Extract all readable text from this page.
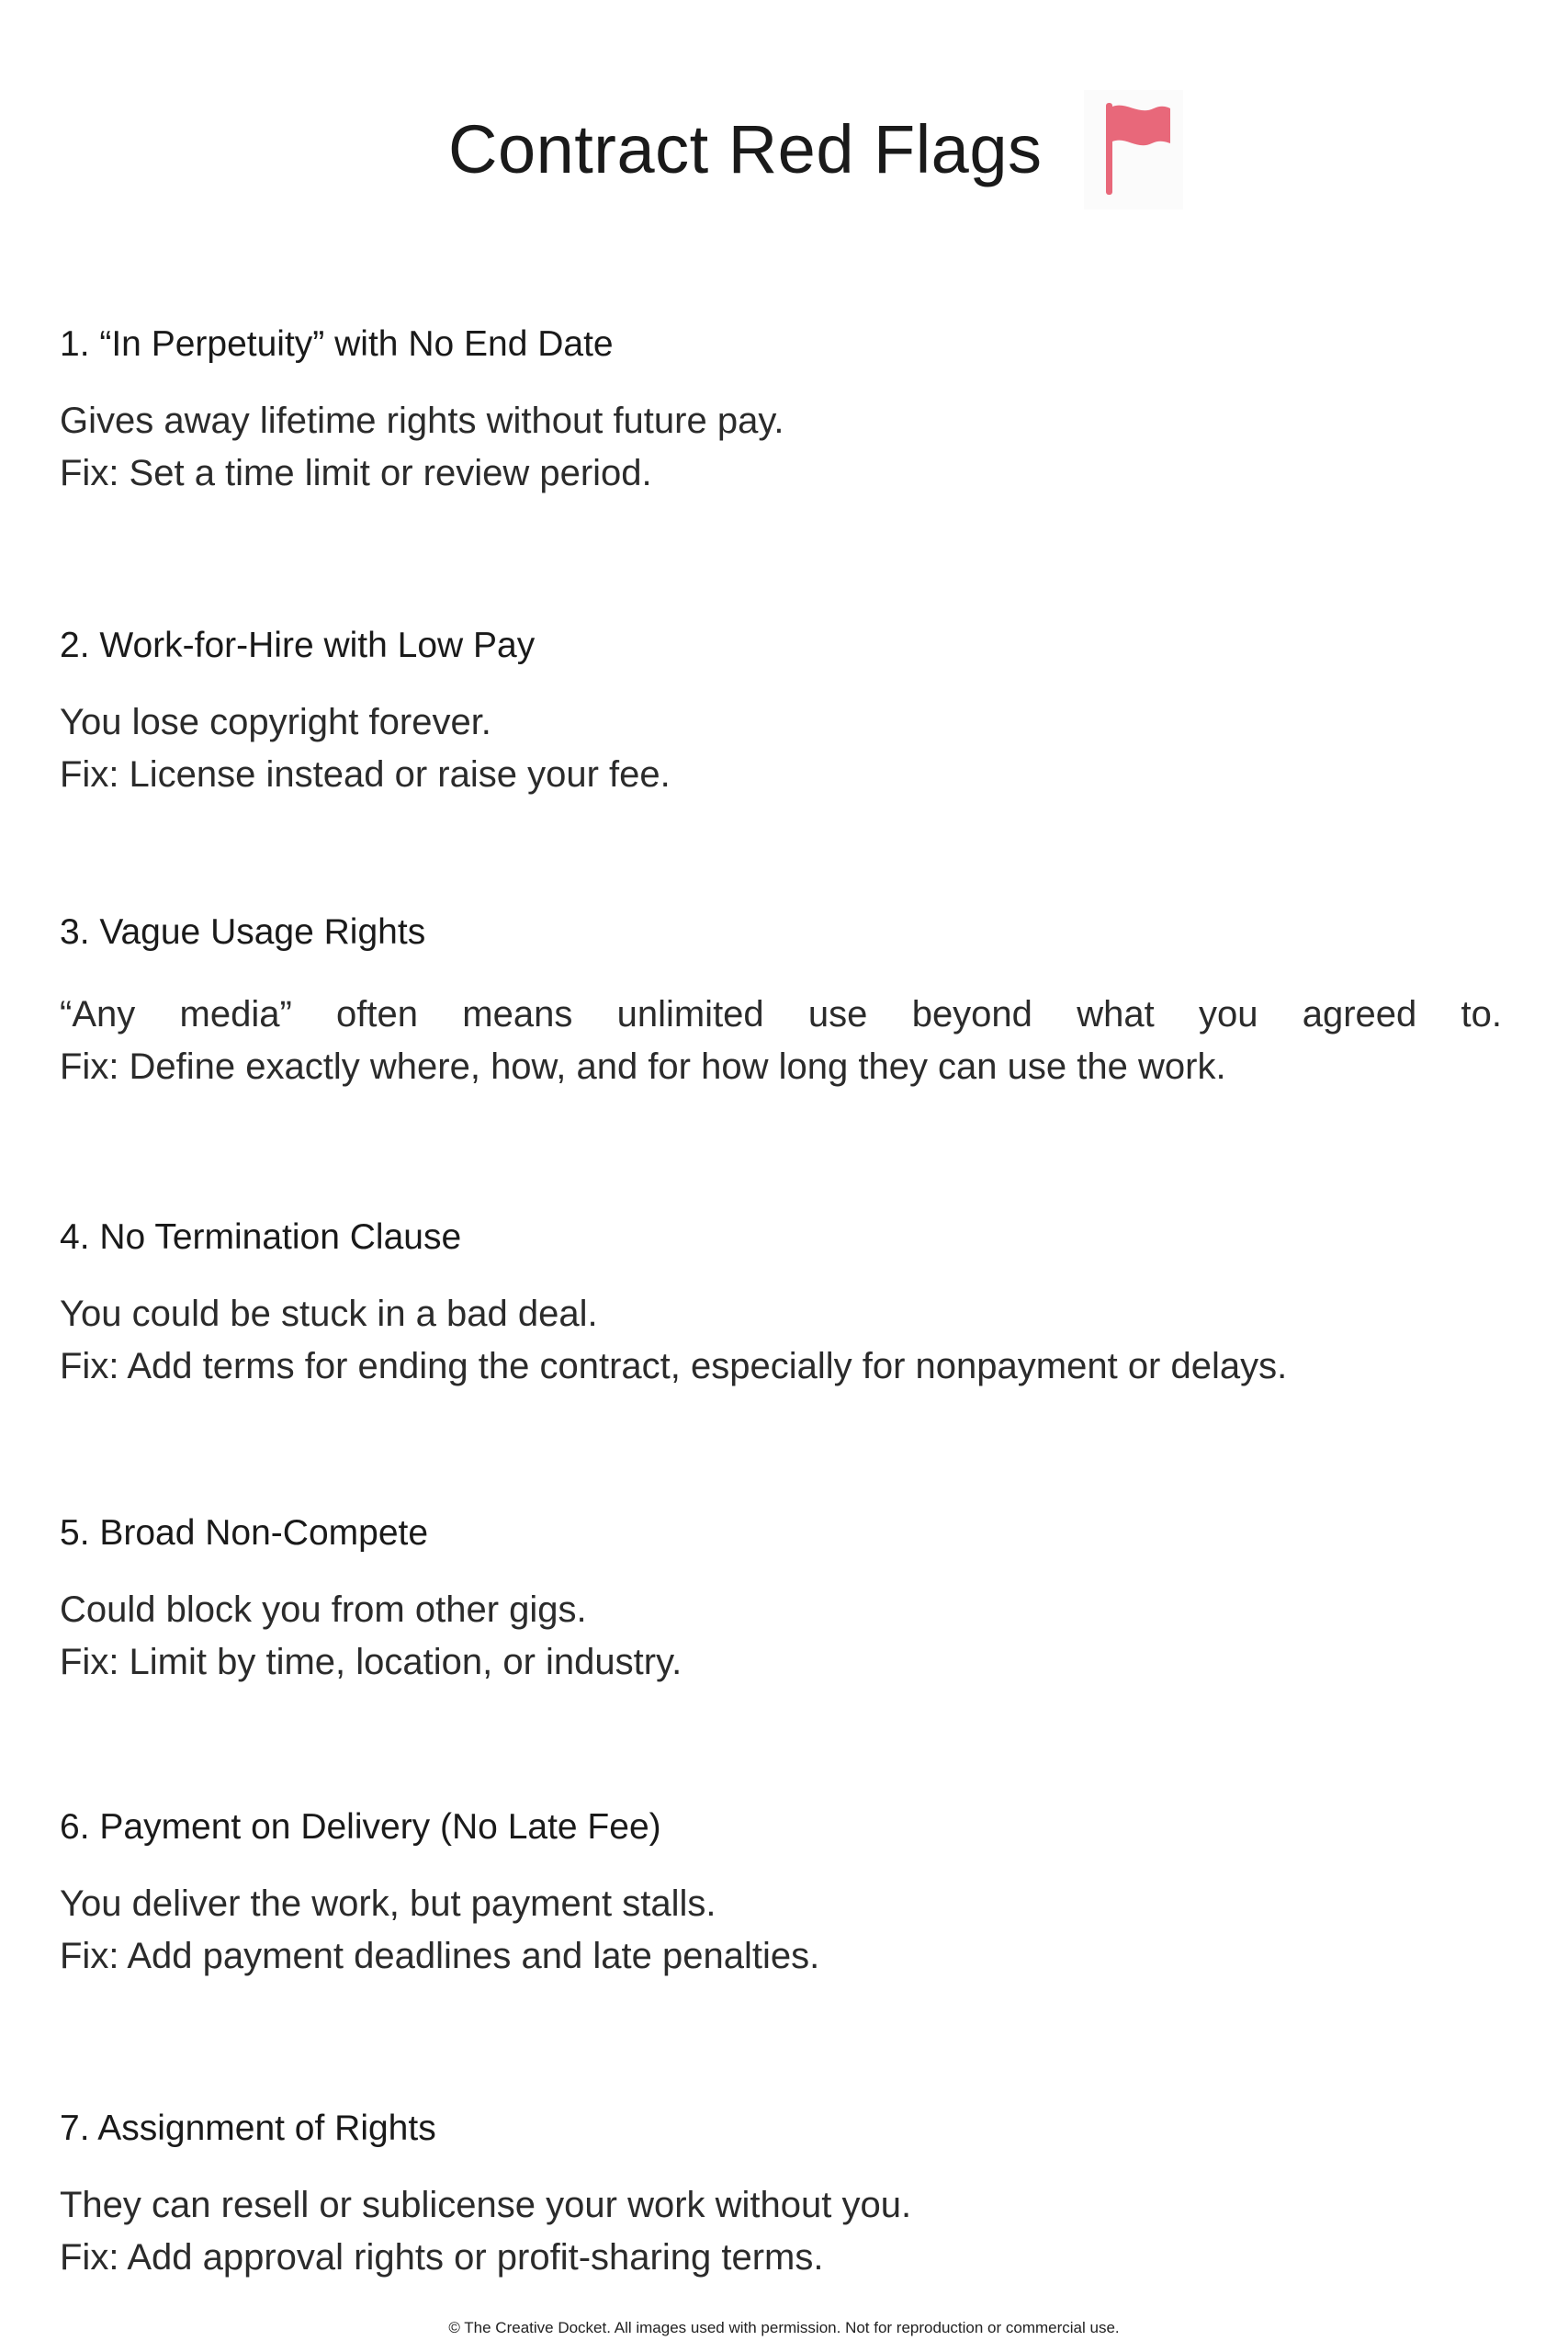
Contract Red Flags
1. “In Perpetuity” with No End Date
Gives away lifetime rights without future pay.
Fix: Set a time limit or review period.
2. Work-for-Hire with Low Pay
You lose copyright forever.
Fix: License instead or raise your fee.
3. Vague Usage Rights
“Any media” often means unlimited use beyond what you agreed to.
Fix: Define exactly where, how, and for how long they can use the work.
4. No Termination Clause
You could be stuck in a bad deal.
Fix: Add terms for ending the contract, especially for nonpayment or delays.
5. Broad Non-Compete
Could block you from other gigs.
Fix: Limit by time, location, or industry.
6. Payment on Delivery (No Late Fee)
You deliver the work, but payment stalls.
Fix: Add payment deadlines and late penalties.
7. Assignment of Rights
They can resell or sublicense your work without you.
Fix: Add approval rights or profit-sharing terms.
© The Creative Docket. All images used with permission. Not for reproduction or commercial use.
